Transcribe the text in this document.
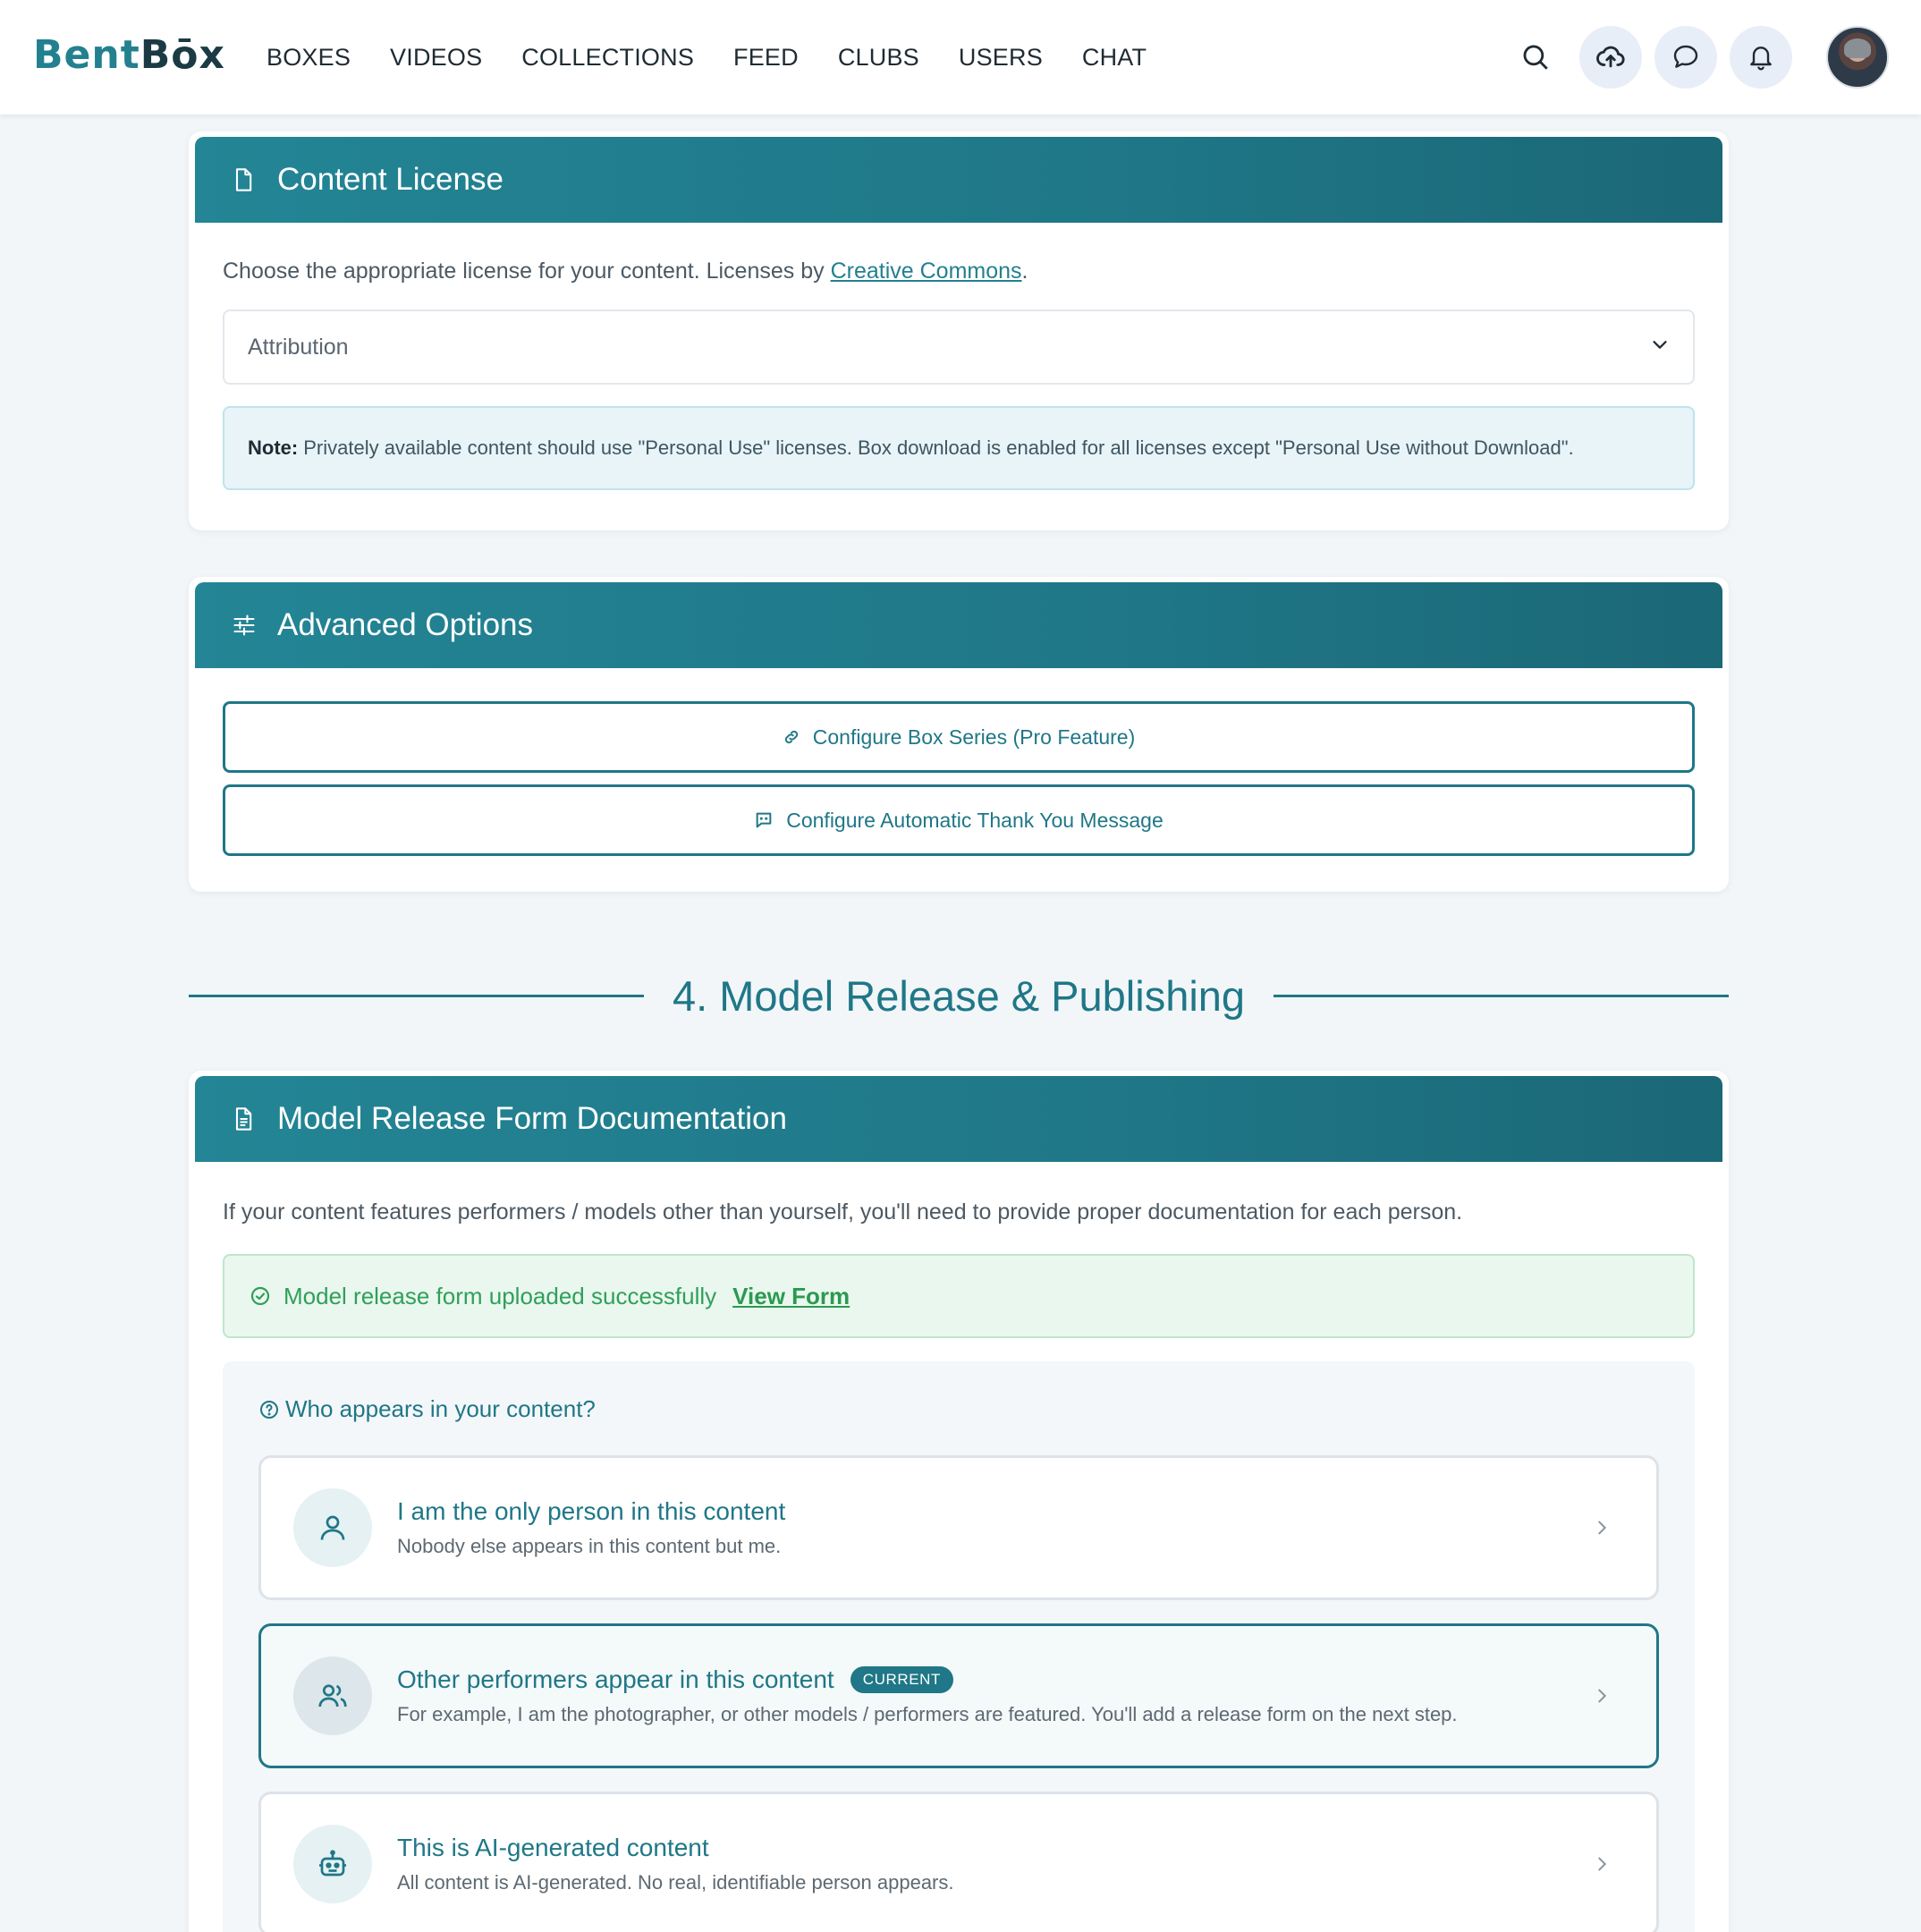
BentBōx BOXES VIDEOS COLLECTIONS FEED CLUBS USERS CHAT
Content License
Choose the appropriate license for your content. Licenses by Creative Commons.
Attribution
Note: Privately available content should use "Personal Use" licenses. Box download is enabled for all licenses except "Personal Use without Download".
Advanced Options
Configure Box Series (Pro Feature)
Configure Automatic Thank You Message
4. Model Release & Publishing
Model Release Form Documentation
If your content features performers / models other than yourself, you'll need to provide proper documentation for each person.
Model release form uploaded successfully View Form
Who appears in your content?
I am the only person in this content
Nobody else appears in this content but me.
Other performers appear in this content	CURRENT
For example, I am the photographer, or other models / performers are featured. You'll add a release form on the next step.
This is AI-generated content
All content is AI-generated. No real, identifiable person appears.
